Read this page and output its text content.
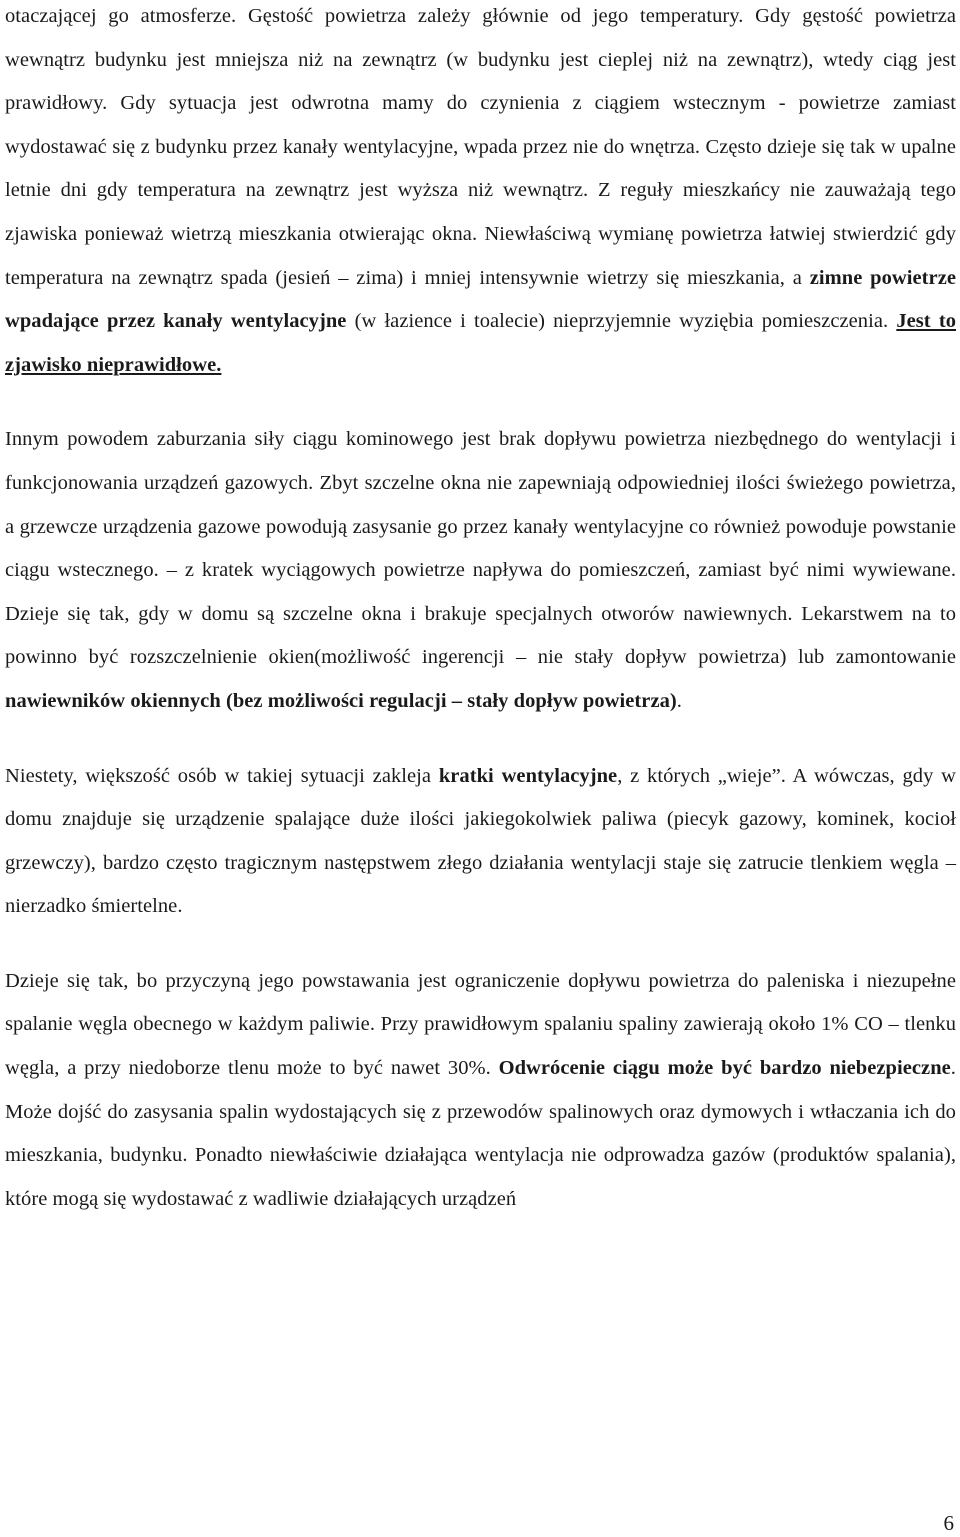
otaczającej go atmosferze. Gęstość powietrza zależy głównie od jego temperatury. Gdy gęstość powietrza wewnątrz budynku jest mniejsza niż na zewnątrz (w budynku jest cieplej niż na zewnątrz), wtedy ciąg jest prawidłowy. Gdy sytuacja jest odwrotna mamy do czynienia z ciągiem wstecznym - powietrze zamiast wydostawać się z budynku przez kanały wentylacyjne, wpada przez nie do wnętrza. Często dzieje się tak w upalne letnie dni gdy temperatura na zewnątrz jest wyższa niż wewnątrz. Z reguły mieszkańcy nie zauważają tego zjawiska ponieważ wietrzą mieszkania otwierając okna. Niewłaściwą wymianę powietrza łatwiej stwierdzić gdy temperatura na zewnątrz spada (jesień – zima) i mniej intensywnie wietrzy się mieszkania, a zimne powietrze wpadające przez kanały wentylacyjne (w łazience i toalecie) nieprzyjemnie wyziębia pomieszczenia. Jest to zjawisko nieprawidłowe.

Innym powodem zaburzania siły ciągu kominowego jest brak dopływu powietrza niezbędnego do wentylacji i funkcjonowania urządzeń gazowych. Zbyt szczelne okna nie zapewniają odpowiedniej ilości świeżego powietrza, a grzewcze urządzenia gazowe powodują zasysanie go przez kanały wentylacyjne co również powoduje powstanie ciągu wstecznego. – z kratek wyciągowych powietrze napływa do pomieszczeń, zamiast być nimi wywiewane. Dzieje się tak, gdy w domu są szczelne okna i brakuje specjalnych otworów nawiewnych. Lekarstwem na to powinno być rozszczelnienie okien(możliwość ingerencji – nie stały dopływ powietrza) lub zamontowanie nawiewników okiennych (bez możliwości regulacji – stały dopływ powietrza).

Niestety, większość osób w takiej sytuacji zakleja kratki wentylacyjne, z których „wieje”. A wówczas, gdy w domu znajduje się urządzenie spalające duże ilości jakiegokolwiek paliwa (piecyk gazowy, kominek, kocioł grzewczy), bardzo często tragicznym następstwem złego działania wentylacji staje się zatrucie tlenkiem węgla – nierzadko śmiertelne.

Dzieje się tak, bo przyczyną jego powstawania jest ograniczenie dopływu powietrza do paleniska i niezupełne spalanie węgla obecnego w każdym paliwie. Przy prawidłowym spalaniu spaliny zawierają około 1% CO – tlenku węgla, a przy niedoborze tlenu może to być nawet 30%. Odwrócenie ciągu może być bardzo niebezpieczne. Może dojść do zasysania spalin wydostających się z przewodów spalinowych oraz dymowych i wtłaczania ich do mieszkania, budynku. Ponadto niewłaściwie działająca wentylacja nie odprowadza gazów (produktów spalania), które mogą się wydostawać z wadliwie działających urządzeń

6
